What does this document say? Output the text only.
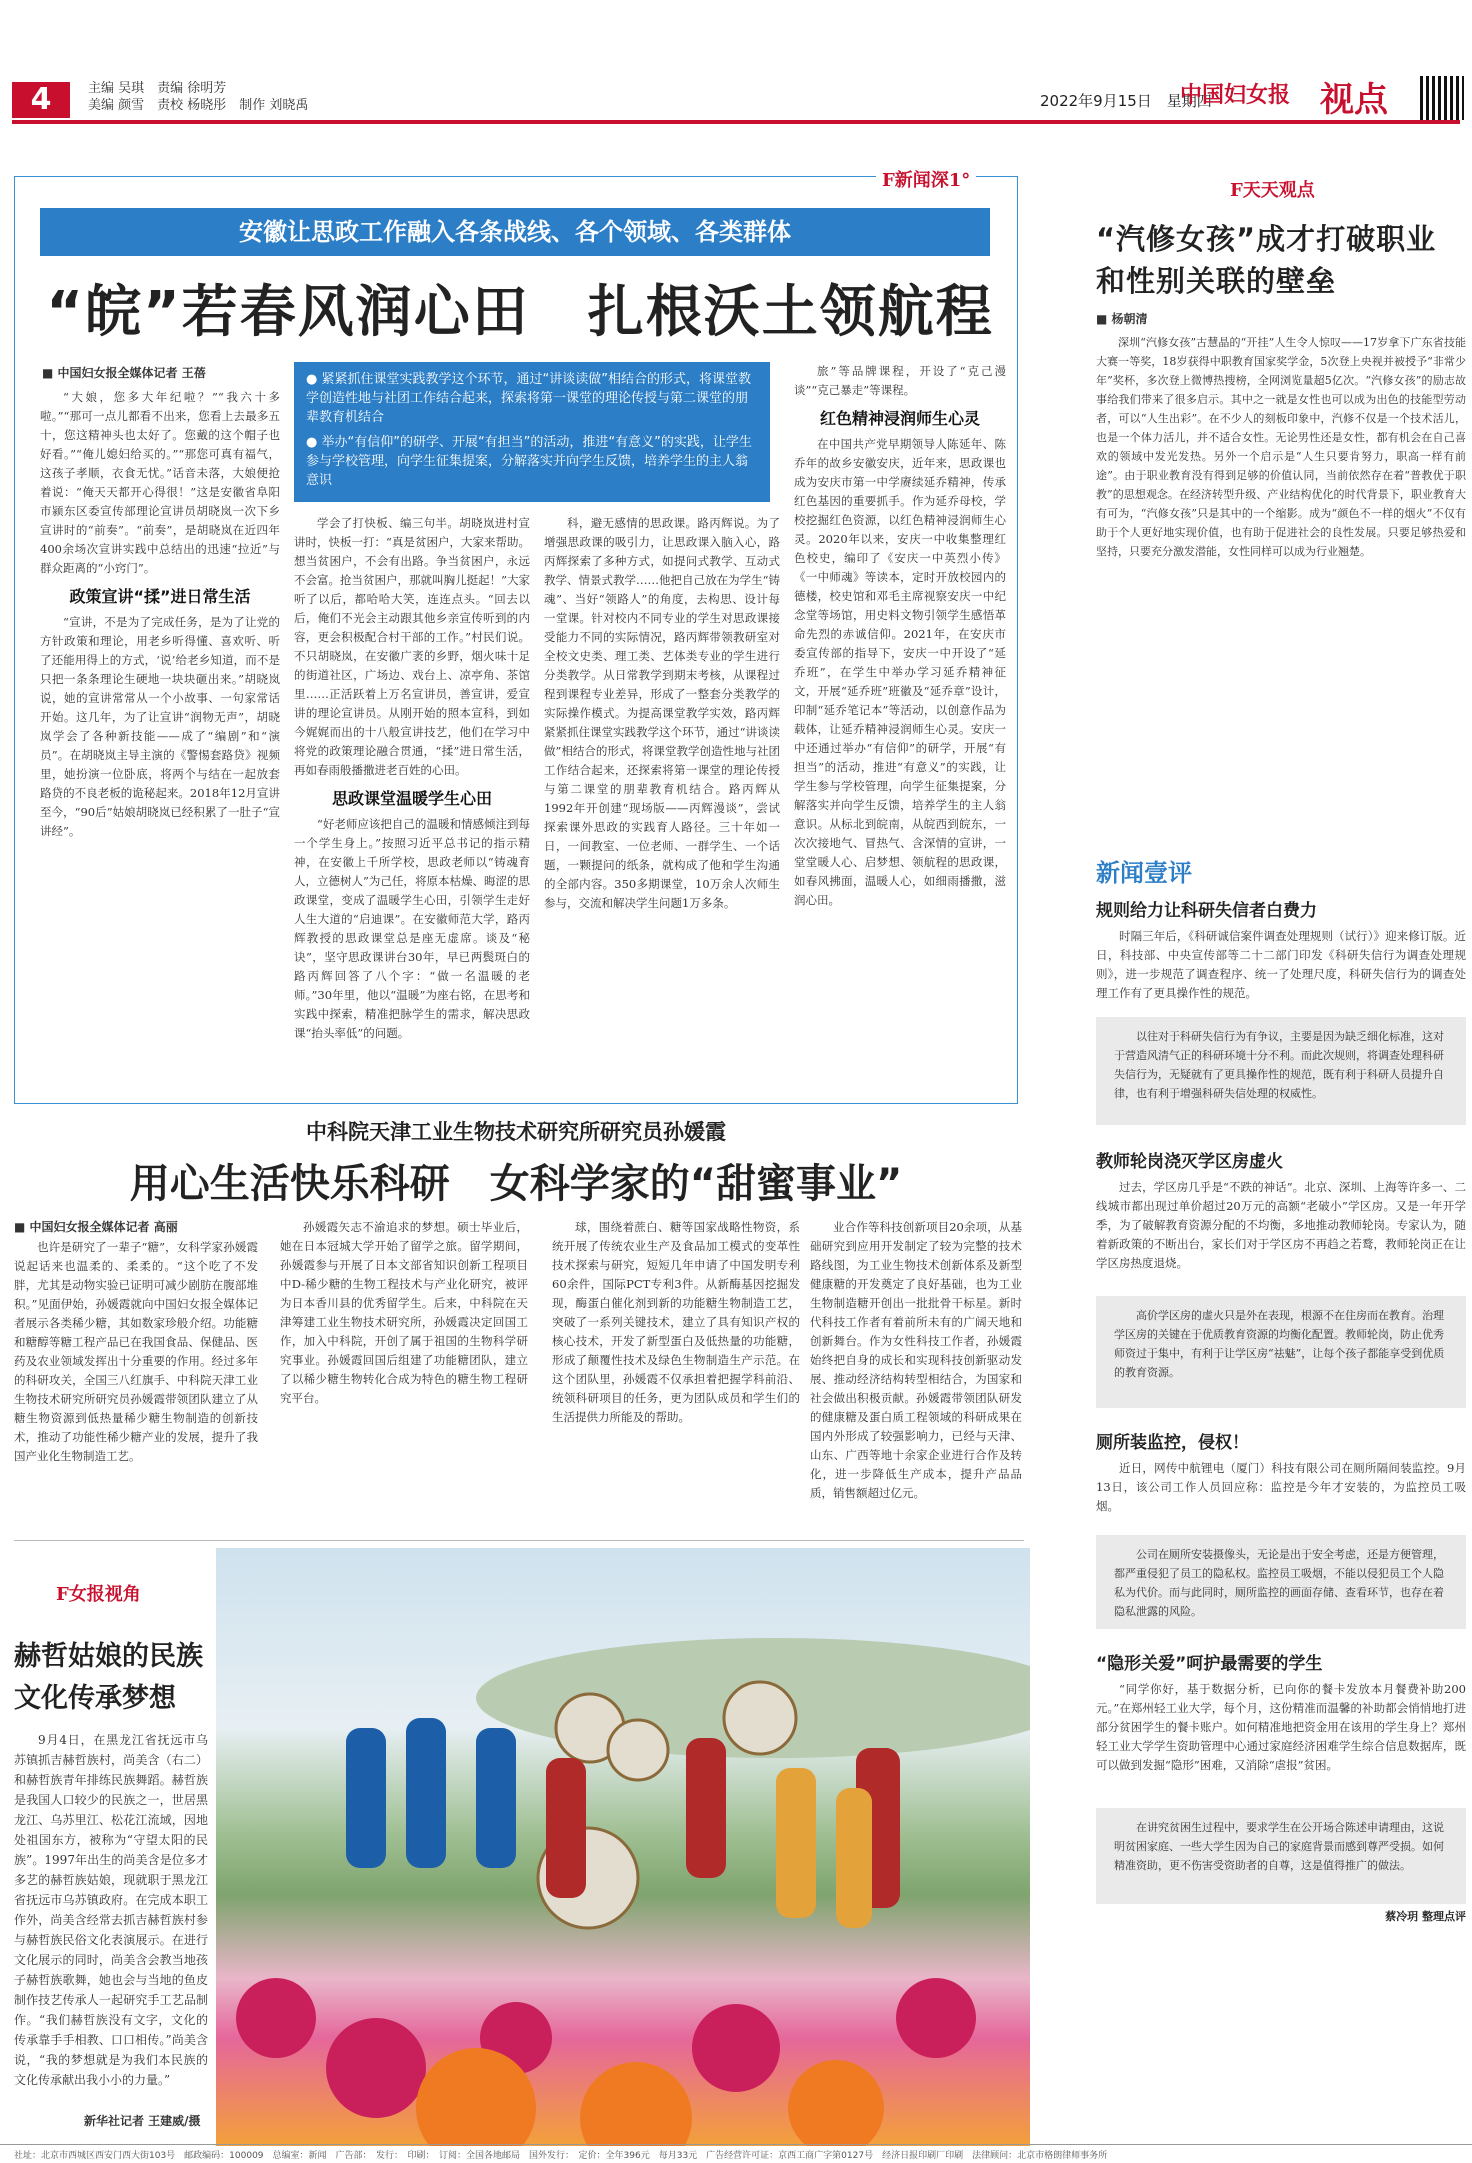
4	主编 吴琪　责编 徐明芳
美编 颜雪　责校 杨晓彤　制作 刘晓禹	2022年9月15日　星期四
中国妇女报 视点
F新闻深1°
安徽让思政工作融入各条战线、各个领域、各类群体
“皖”若春风润心田　扎根沃土领航程
■ 中国妇女报全媒体记者 王蓓	● 紧紧抓住课堂实践教学这个环节，通过“讲谈读做”相结合的形式，将课堂教学创造性地与社团工作结合起来，探索将第一课堂的理论传授与第二课堂的朋辈教育机结合
● 举办“有信仰”的研学、开展“有担当”的活动，推进“有意义”的实践，让学生参与学校管理，向学生征集提案，分解落实并向学生反馈，培养学生的主人翁意识

“大娘，您多大年纪啦？”“我六十多啦。”“那可一点儿都看不出来，您看上去最多五十，您这精神头也太好了。您戴的这个帽子也好看。”“俺儿媳妇给买的。”“那您可真有福气，这孩子孝顺，衣食无忧。”话音未落，大娘便抢着说：“俺天天都开心得很！”这是安徽省阜阳市颍东区委宣传部理论宣讲员胡晓岚一次下乡宣讲时的“前奏”。“前奏”，是胡晓岚在近四年400余场次宣讲实践中总结出的迅速“拉近”与群众距离的“小窍门”。

政策宣讲“揉”进日常生活

“宣讲，不是为了完成任务，是为了让党的方针政策和理论，用老乡听得懂、喜欢听、听了还能用得上的方式，‘说’给老乡知道，而不是只把一条条理论生硬地一块块砸出来。”胡晓岚说，她的宣讲常常从一个小故事、一句家常话开始。这几年，为了让宣讲“润物无声”，胡晓岚学会了各种新技能——成了“编剧”和“演员”。在胡晓岚主导主演的《警惕套路贷》视频里，她扮演一位卧底，将两个与结在一起放套路贷的不良老板的诡秘起来。2018年12月宣讲至今，“90后”姑娘胡晓岚已经积累了一肚子“宣讲经”。

学会了打快板、编三句半。胡晓岚进村宣讲时，快板一打：“真是贫困户，大家来帮助。想当贫困户，不会有出路。争当贫困户，永远不会富。抢当贫困户，那就叫胸儿挺起！”大家听了以后，都哈哈大笑，连连点头。“回去以后，俺们不光会主动跟其他乡亲宣传听到的内容，更会积极配合村干部的工作。”村民们说。不只胡晓岚，在安徽广袤的乡野，烟火味十足的街道社区，广场边、戏台上、凉亭角、茶馆里……正活跃着上万名宣讲员，善宣讲，爱宣讲的理论宣讲员。从刚开始的照本宣科，到如今娓娓而出的十八般宣讲技艺，他们在学习中将党的政策理论融合贯通，“揉”进日常生活，再如春雨般播撒进老百姓的心田。

思政课堂温暖学生心田

“好老师应该把自己的温暖和情感倾注到每一个学生身上。”按照习近平总书记的指示精神，在安徽上千所学校，思政老师以“铸魂育人，立德树人”为己任，将原本枯燥、晦涩的思政课堂，变成了温暖学生心田，引领学生走好人生大道的“启迪课”。在安徽师范大学，路丙辉教授的思政课堂总是座无虚席。谈及“秘诀”，坚守思政课讲台30年，早已两鬓斑白的路丙辉回答了八个字：“做一名温暖的老师。”30年里，他以“温暖”为座右铭，在思考和实践中探索，精准把脉学生的需求，解决思政课“抬头率低”的问题。

科，避无感情的思政课。路丙辉说。为了增强思政课的吸引力，让思政课入脑入心，路丙辉探索了多种方式，如提问式教学、互动式教学、情景式教学……他把自己放在为学生“铸魂”、当好“领路人”的角度，去构思、设计每一堂课。针对校内不同专业的学生对思政课接受能力不同的实际情况，路丙辉带领教研室对全校文史类、理工类、艺体类专业的学生进行分类教学。从日常教学到期末考核，从课程过程到课程专业差异，形成了一整套分类教学的实际操作模式。为提高课堂教学实效，路丙辉紧紧抓住课堂实践教学这个环节，通过“讲谈读做”相结合的形式，将课堂教学创造性地与社团工作结合起来，还探索将第一课堂的理论传授与第二课堂的朋辈教育机结合。路丙辉从1992年开创建“现场版——丙辉漫谈”，尝试探索课外思政的实践育人路径。三十年如一日，一间教室、一位老师、一群学生、一个话题，一颗提问的纸条，就构成了他和学生沟通的全部内容。350多期课堂，10万余人次师生参与，交流和解决学生问题1万多条。

旅”等品牌课程，开设了“克己漫谈”“克己暴走”等课程。

红色精神浸润师生心灵

在中国共产党早期领导人陈延年、陈乔年的故乡安徽安庆，近年来，思政课也成为安庆市第一中学赓续延乔精神，传承红色基因的重要抓手。作为延乔母校，学校挖掘红色资源，以红色精神浸润师生心灵。2020年以来，安庆一中收集整理红色校史，编印了《安庆一中英烈小传》《一中师魂》等读本，定时开放校园内的德楼，校史馆和邓毛主席视察安庆一中纪念堂等场馆，用史料文物引领学生感悟革命先烈的赤诚信仰。2021年，在安庆市委宣传部的指导下，安庆一中开设了“延乔班”，在学生中举办学习延乔精神征文，开展“延乔班”班徽及“延乔章”设计，印制“延乔笔记本”等活动，以创意作品为载体，让延乔精神浸润师生心灵。安庆一中还通过举办“有信仰”的研学，开展“有担当”的活动，推进“有意义”的实践，让学生参与学校管理，向学生征集提案，分解落实并向学生反馈，培养学生的主人翁意识。从标北到皖南，从皖西到皖东，一次次接地气、冒热气、含深情的宣讲，一堂堂暖人心、启梦想、领航程的思政课，如春风拂面，温暖人心，如细雨播撒，滋润心田。

中科院天津工业生物技术研究所研究员孙媛霞
用心生活快乐科研　女科学家的“甜蜜事业”
■ 中国妇女报全媒体记者 高丽

也许是研究了一辈子“糖”，女科学家孙媛霞说起话来也温柔的、柔柔的。“这个吃了不发胖，尤其是动物实验已证明可减少剧肪在腹部堆积。”见面伊始，孙媛霞就向中国妇女报全媒体记者展示各类稀少糖，其如数家珍般介绍。功能糖和糖醇等糖工程产品已在我国食品、保健品、医药及农业领域发挥出十分重要的作用。经过多年的科研攻关，全国三八红旗手、中科院天津工业生物技术研究所研究员孙媛霞带领团队建立了从糖生物资源到低热量稀少糖生物制造的创新技术，推动了功能性稀少糖产业的发展，提升了我国产业化生物制造工艺。

孙媛霞矢志不渝追求的梦想。硕士毕业后，她在日本冠城大学开始了留学之旅。留学期间，孙媛霞参与开展了日本文部省知识创新工程项目中D-稀少糖的生物工程技术与产业化研究，被评为日本香川县的优秀留学生。后来，中科院在天津筹建工业生物技术研究所，孙媛霞决定回国工作，加入中科院，开创了属于祖国的生物科学研究事业。孙媛霞回国后组建了功能糖团队，建立了以稀少糖生物转化合成为特色的糖生物工程研究平台。

球，围绕着蔗白、糖等国家战略性物资，系统开展了传统农业生产及食品加工模式的变革性技术探索与研究，短短几年申请了中国发明专利60余件，国际PCT专利3件。从新酶基因挖掘发现，酶蛋白催化剂到新的功能糖生物制造工艺，突破了一系列关键技术，建立了具有知识产权的核心技术，开发了新型蛋白及低热量的功能糖，形成了颠覆性技术及绿色生物制造生产示范。在这个团队里，孙媛霞不仅承担着把握学科前沿、统领科研项目的任务，更为团队成员和学生们的生活提供力所能及的帮助。

业合作等科技创新项目20余项，从基础研究到应用开发制定了较为完整的技术路线图，为工业生物技术创新体系及新型健康糖的开发奠定了良好基础，也为工业生物制造糖开创出一批批骨干标星。新时代科技工作者有着前所未有的广阔天地和创新舞台。作为女性科技工作者，孙媛霞始终把自身的成长和实现科技创新驱动发展、推动经济结构转型相结合，为国家和社会做出积极贡献。孙媛霞带领团队研发的健康糖及蛋白质工程领域的科研成果在国内外形成了较强影响力，已经与天津、山东、广西等地十余家企业进行合作及转化，进一步降低生产成本，提升产品品质，销售额超过亿元。

F女报视角
赫哲姑娘的民族文化传承梦想

9月4日，在黑龙江省抚远市乌苏镇抓吉赫哲族村，尚美含（右二）和赫哲族青年排练民族舞蹈。赫哲族是我国人口较少的民族之一，世居黑龙江、乌苏里江、松花江流域，因地处祖国东方，被称为“守望太阳的民族”。1997年出生的尚美含是位多才多艺的赫哲族姑娘，现就职于黑龙江省抚远市乌苏镇政府。在完成本职工作外，尚美含经常去抓吉赫哲族村参与赫哲族民俗文化表演展示。在进行文化展示的同时，尚美含会教当地孩子赫哲族歌舞，她也会与当地的鱼皮制作技艺传承人一起研究手工艺品制作。“我们赫哲族没有文字，文化的传承靠手手相教、口口相传。”尚美含说，“我的梦想就是为我们本民族的文化传承献出我小小的力量。”

新华社记者 王建威/摄
F天天观点
“汽修女孩”成才打破职业和性别关联的壁垒
■ 杨朝清

深圳“汽修女孩”古慧晶的“开挂”人生令人惊叹——17岁拿下广东省技能大赛一等奖，18岁获得中职教育国家奖学金，5次登上央视并被授予“非常少年”奖杯，多次登上微博热搜榜，全网浏览量超5亿次。“汽修女孩”的励志故事给我们带来了很多启示。其中之一就是女性也可以成为出色的技能型劳动者，可以“人生出彩”。在不少人的刻板印象中，汽修不仅是一个技术活儿，也是一个体力活儿，并不适合女性。无论男性还是女性，都有机会在自己喜欢的领域中发光发热。另外一个启示是“人生只要肯努力，职高一样有前途”。由于职业教育没有得到足够的价值认同，当前依然存在着“普教优于职教”的思想观念。在经济转型升级、产业结构优化的时代背景下，职业教育大有可为，“汽修女孩”只是其中的一个缩影。成为“颜色不一样的烟火”不仅有助于个人更好地实现价值，也有助于促进社会的良性发展。只要足够热爱和坚持，只要充分激发潜能，女性同样可以成为行业翘楚。

新闻壹评
规则给力让科研失信者白费力

时隔三年后，《科研诚信案件调查处理规则（试行）》迎来修订版。近日，科技部、中央宣传部等二十二部门印发《科研失信行为调查处理规则》，进一步规范了调查程序、统一了处理尺度，科研失信行为的调查处理工作有了更具操作性的规范。

以往对于科研失信行为有争议，主要是因为缺乏细化标准，这对于营造风清气正的科研环境十分不利。而此次规则，将调查处理科研失信行为，无疑就有了更具操作性的规范，既有利于科研人员提升自律，也有利于增强科研失信处理的权威性。
教师轮岗浇灭学区房虚火

过去，学区房几乎是“不跌的神话”。北京、深圳、上海等许多一、二线城市都出现过单价超过20万元的高额“老破小”学区房。又是一年开学季，为了破解教育资源分配的不均衡，多地推动教师轮岗。专家认为，随着新政策的不断出台，家长们对于学区房不再趋之若鹜，教师轮岗正在让学区房热度退烧。

高价学区房的虚火只是外在表现，根源不在住房而在教育。治理学区房的关键在于优质教育资源的均衡化配置。教师轮岗，防止优秀师资过于集中，有利于让学区房“祛魅”，让每个孩子都能享受到优质的教育资源。
厕所装监控，侵权！

近日，网传中航锂电（厦门）科技有限公司在厕所隔间装监控。9月13日，该公司工作人员回应称：监控是今年才安装的，为监控员工吸烟。

公司在厕所安装摄像头，无论是出于安全考虑，还是方便管理，都严重侵犯了员工的隐私权。监控员工吸烟，不能以侵犯员工个人隐私为代价。而与此同时，厕所监控的画面存储、查看环节，也存在着隐私泄露的风险。
“隐形关爱”呵护最需要的学生

“同学你好，基于数据分析，已向你的餐卡发放本月餐费补助200元。”在郑州轻工业大学，每个月，这份精准而温馨的补助都会悄悄地打进部分贫困学生的餐卡账户。如何精准地把资金用在该用的学生身上？郑州轻工业大学学生资助管理中心通过家庭经济困难学生综合信息数据库，既可以做到发掘“隐形”困难，又消除“虐报”贫困。

在讲究贫困生过程中，要求学生在公开场合陈述申请理由，这说明贫困家庭、一些大学生因为自己的家庭背景而感到尊严受损。如何精准资助，更不伤害受资助者的自尊，这是值得推广的做法。
蔡冷玥 整理点评
社址：北京市西城区西安门西大街103号　邮政编码：100009　总编室：新闻　广告部：　发行：　印刷：　订阅：全国各地邮局　国外发行：　定价：全年396元　每月33元　广告经营许可证：京西工商广字第0127号　经济日报印刷厂印刷　法律顾问：北京市格朗律师事务所
